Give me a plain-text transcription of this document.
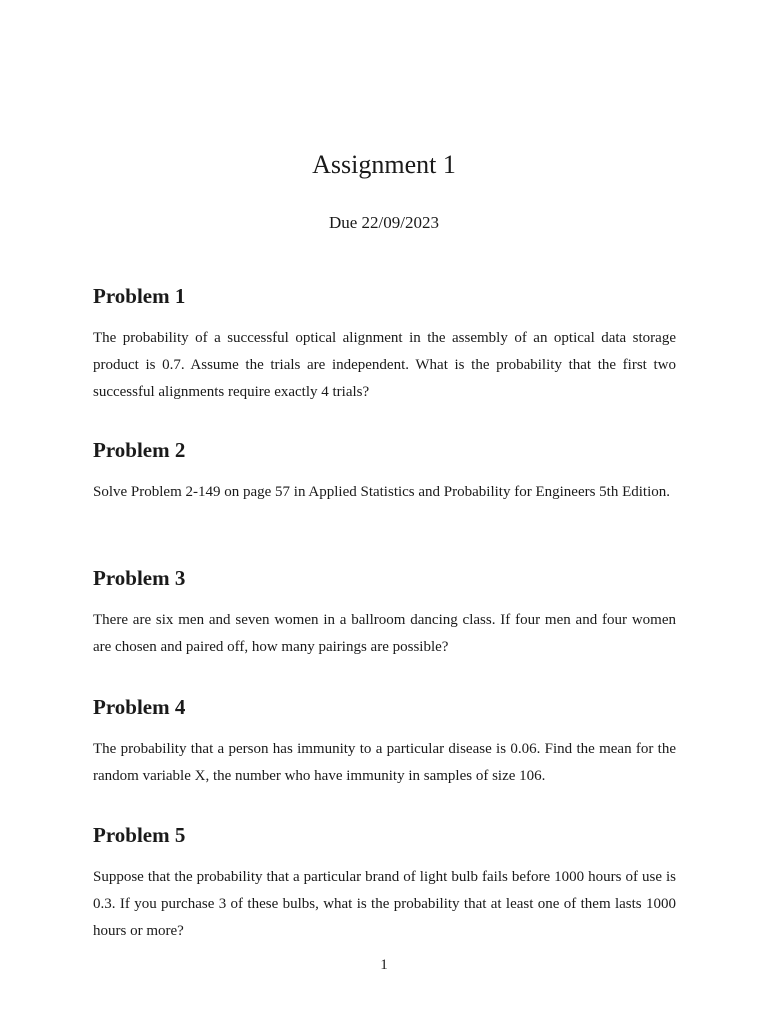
Assignment 1
Due 22/09/2023
Problem 1

The probability of a successful optical alignment in the assembly of an optical data storage product is 0.7. Assume the trials are independent. What is the probability that the first two successful alignments require exactly 4 trials?

Problem 2

Solve Problem 2-149 on page 57 in Applied Statistics and Probability for Engineers 5th Edition.

Problem 3

There are six men and seven women in a ballroom dancing class. If four men and four women are chosen and paired off, how many pairings are possible?

Problem 4

The probability that a person has immunity to a particular disease is 0.06. Find the mean for the random variable X, the number who have immunity in samples of size 106.

Problem 5

Suppose that the probability that a particular brand of light bulb fails before 1000 hours of use is 0.3. If you purchase 3 of these bulbs, what is the probability that at least one of them lasts 1000 hours or more?

1
